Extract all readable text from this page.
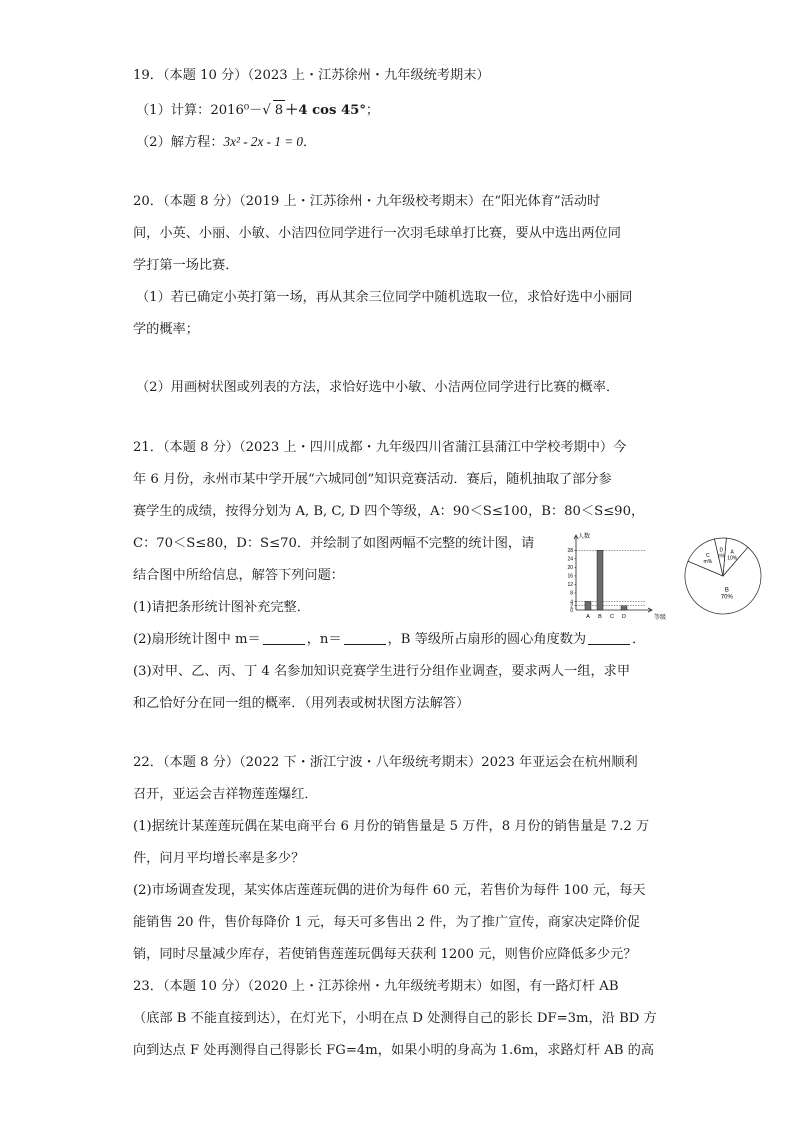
19．（本题 10 分）（2023 上・江苏徐州・九年级统考期末）
（1）计算：2016⁰－√ 8 ＋4 cos 45°；
（2）解方程：3x² - 2x - 1 = 0．
20．（本题 8 分）（2019 上・江苏徐州・九年级校考期末）在“阳光体育”活动时
间，小英、小丽、小敏、小洁四位同学进行一次羽毛球单打比赛，要从中选出两位同
学打第一场比赛．
（1）若已确定小英打第一场，再从其余三位同学中随机选取一位，求恰好选中小丽同
学的概率；
（2）用画树状图或列表的方法，求恰好选中小敏、小洁两位同学进行比赛的概率．
21．（本题 8 分）（2023 上・四川成都・九年级四川省蒲江县蒲江中学校考期中）今
年 6 月份，永州市某中学开展“六城同创”知识竞赛活动．赛后，随机抽取了部分参
赛学生的成绩，按得分划为 A, B, C, D 四个等级，A：90＜S≤100，B：80＜S≤90，
C：70＜S≤80，D：S≤70．并绘制了如图两幅不完整的统计图，请
结合图中所给信息，解答下列问题：
(1)请把条形统计图补充完整．
(2)扇形统计图中 m＝	，n＝	，B 等级所占扇形的圆心角度数为	．
(3)对甲、乙、丙、丁 4 名参加知识竞赛学生进行分组作业调查，要求两人一组，求甲
和乙恰好分在同一组的概率．（用列表或树状图方法解答）
人数
等级
2
4
8
12
16
20
24
28
0
A B C D
A
10%
B
70%
C
m%
D
n%
22．（本题 8 分）（2022 下・浙江宁波・八年级统考期末）2023 年亚运会在杭州顺利
召开，亚运会吉祥物莲莲爆红．
(1)据统计某莲莲玩偶在某电商平台 6 月份的销售量是 5 万件，8 月份的销售量是 7.2 万
件，问月平均增长率是多少？
(2)市场调查发现，某实体店莲莲玩偶的进价为每件 60 元，若售价为每件 100 元，每天
能销售 20 件，售价每降价 1 元，每天可多售出 2 件，为了推广宣传，商家决定降价促
销，同时尽量减少库存，若使销售莲莲玩偶每天获利 1200 元，则售价应降低多少元？
23．（本题 10 分）（2020 上・江苏徐州・九年级统考期末）如图，有一路灯杆 AB
（底部 B 不能直接到达），在灯光下，小明在点 D 处测得自己的影长 DF=3m，沿 BD 方
向到达点 F 处再测得自己得影长 FG=4m，如果小明的身高为 1.6m，求路灯杆 AB 的高
